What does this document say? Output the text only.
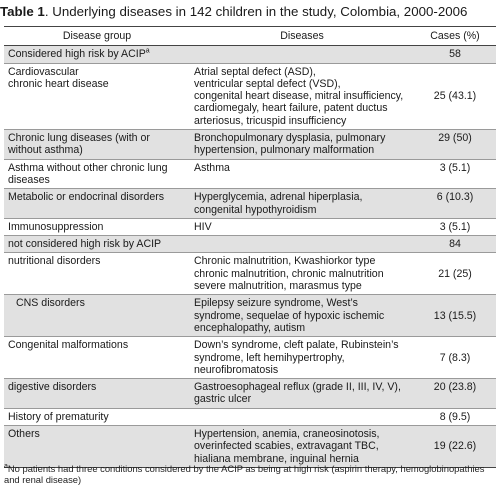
Table 1. Underlying diseases in 142 children in the study, Colombia, 2000-2006
Disease group	Diseases	Cases (%)
Considered high risk by ACIP$^a$		58
Cardiovascular
chronic heart disease	Atrial septal defect (ASD),
ventricular septal defect (VSD),
congenital heart disease, mitral insufficiency,
cardiomegaly, heart failure, patent ductus
arteriosus, tricuspid insufficiency	25 (43.1)
Chronic lung diseases (with or
without asthma)	Bronchopulmonary dysplasia, pulmonary
hypertension, pulmonary malformation	29 (50)
Asthma without other chronic lung
diseases	Asthma	3 (5.1)
Metabolic or endocrinal disorders	Hyperglycemia, adrenal hiperplasia,
congenital hypothyroidism	6 (10.3)
Immunosuppression	HIV	3 (5.1)
not considered high risk by ACIP		84
nutritional disorders	Chronic malnutrition, Kwashiorkor type
chronic malnutrition, chronic malnutrition
severe malnutrition, marasmus type	21 (25)
CNS disorders	Epilepsy seizure syndrome, West’s
syndrome, sequelae of hypoxic ischemic
encephalopathy, autism	13 (15.5)
Congenital malformations	Down’s syndrome, cleft palate, Rubinstein’s
syndrome, left hemihypertrophy,
neurofibromatosis	7 (8.3)
digestive disorders	Gastroesophageal reflux (grade II, III, IV, V),
gastric ulcer	20 (23.8)
History of prematurity		8 (9.5)
Others	Hypertension, anemia, craneosinotosis,
overinfected scabies, extravagant TBC,
hialiana membrane, inguinal hernia	19 (22.6)
$^a$No patients had three conditions considered by the ACIP as being at high risk (aspirin therapy, hemoglobinopathies and renal disease)
